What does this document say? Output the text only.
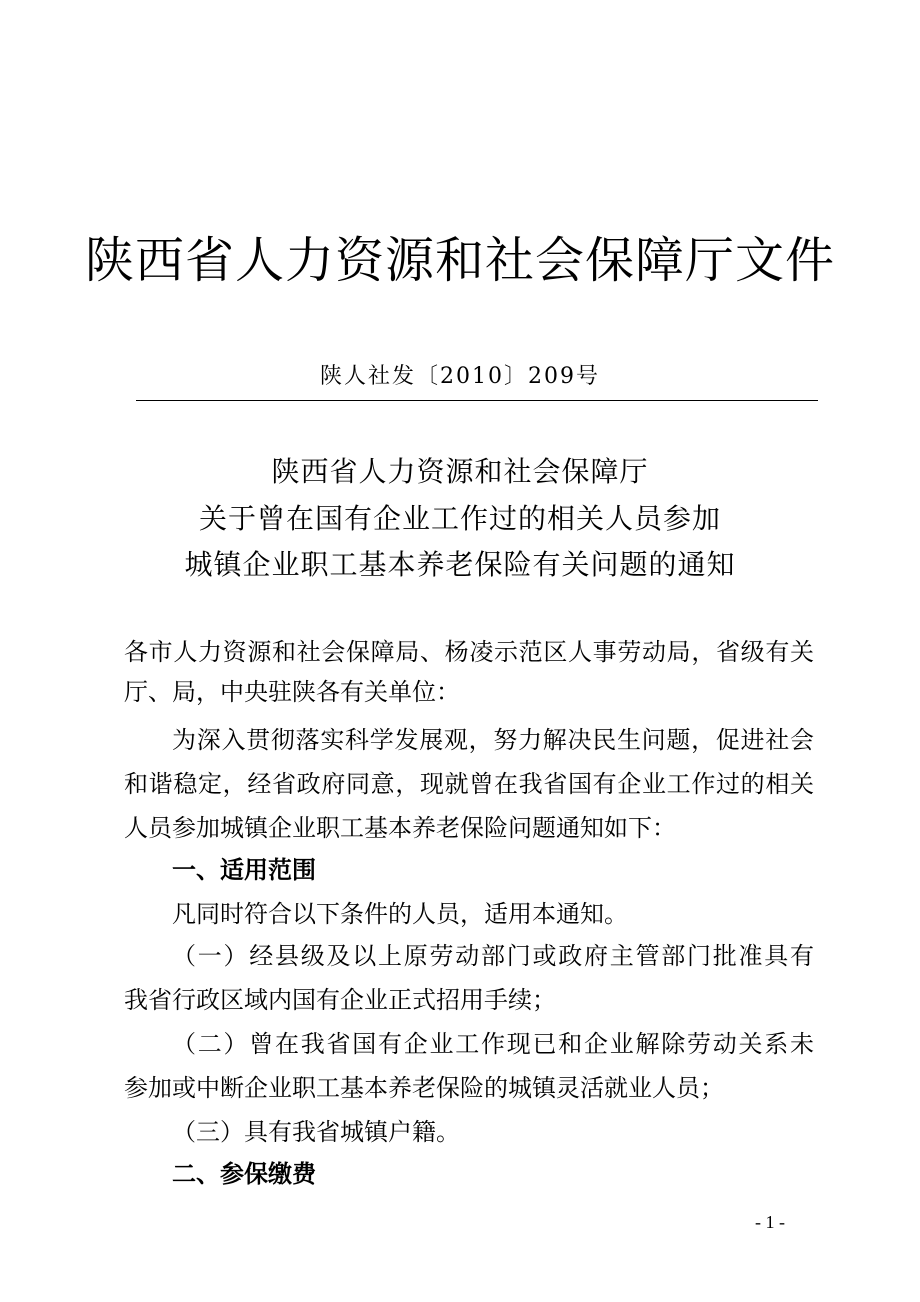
陕西省人力资源和社会保障厅文件
陕人社发〔2010〕209号
陕西省人力资源和社会保障厅
关于曾在国有企业工作过的相关人员参加
城镇企业职工基本养老保险有关问题的通知
各市人力资源和社会保障局、杨凌示范区人事劳动局，省级有关
厅、局，中央驻陕各有关单位：
为深入贯彻落实科学发展观，努力解决民生问题，促进社会
和谐稳定，经省政府同意，现就曾在我省国有企业工作过的相关
人员参加城镇企业职工基本养老保险问题通知如下：
一、适用范围
凡同时符合以下条件的人员，适用本通知。
（一）经县级及以上原劳动部门或政府主管部门批准具有
我省行政区域内国有企业正式招用手续；
（二）曾在我省国有企业工作现已和企业解除劳动关系未
参加或中断企业职工基本养老保险的城镇灵活就业人员；
（三）具有我省城镇户籍。
二、参保缴费
- 1 -
